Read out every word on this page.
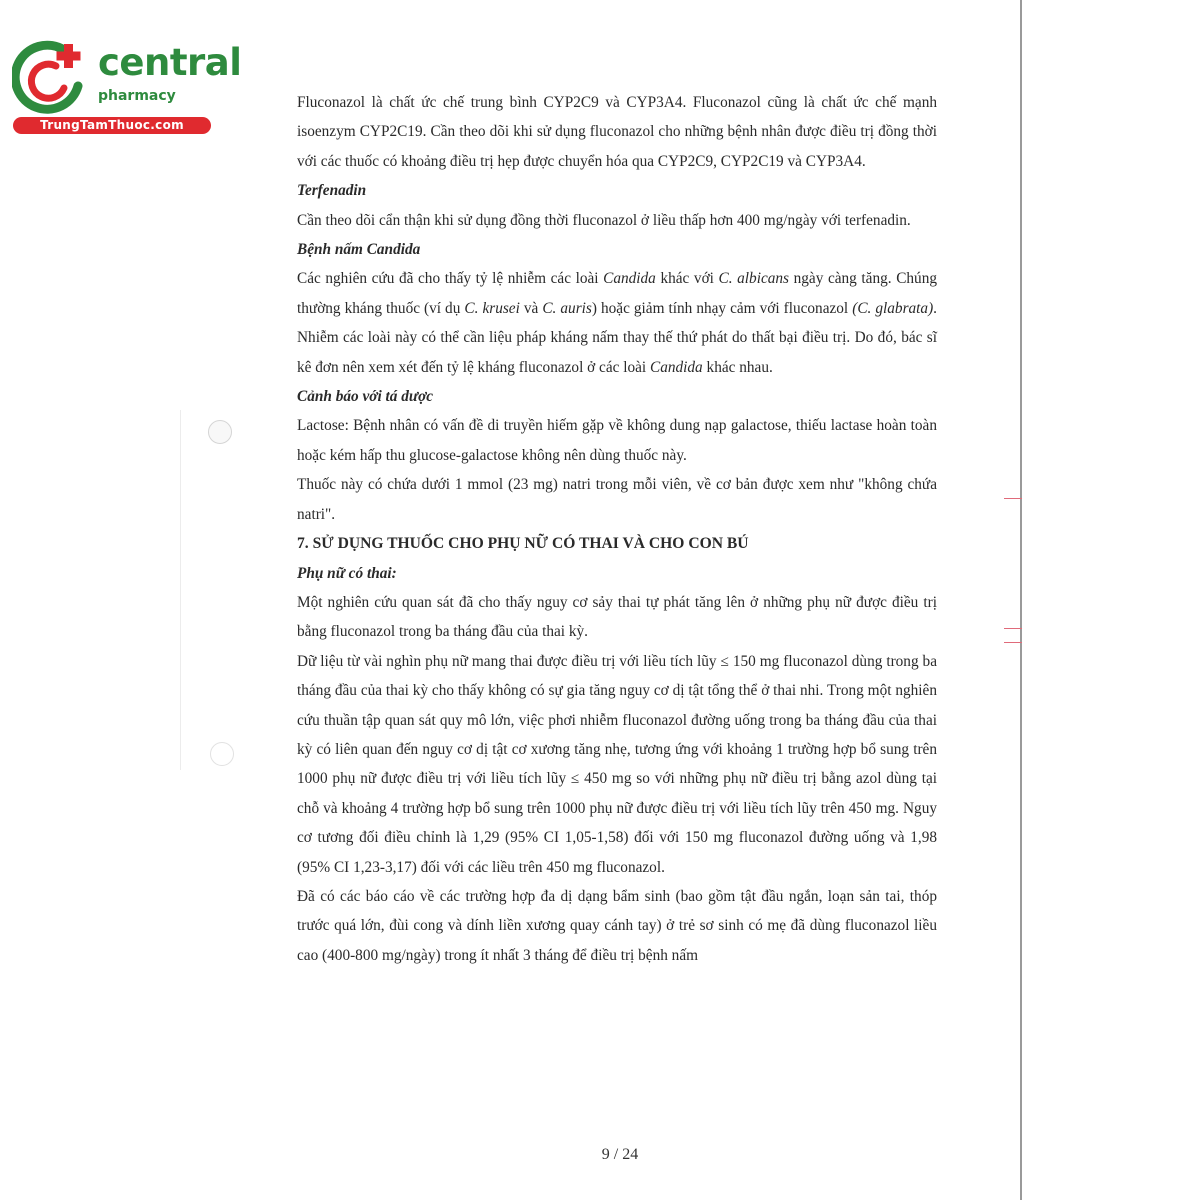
central
pharmacy
TrungTamThuoc.com

Fluconazol là chất ức chế trung bình CYP2C9 và CYP3A4. Fluconazol cũng là chất ức chế mạnh isoenzym CYP2C19. Cần theo dõi khi sử dụng fluconazol cho những bệnh nhân được điều trị đồng thời với các thuốc có khoảng điều trị hẹp được chuyển hóa qua CYP2C9, CYP2C19 và CYP3A4.

Terfenadin

Cần theo dõi cẩn thận khi sử dụng đồng thời fluconazol ở liều thấp hơn 400 mg/ngày với terfenadin.

Bệnh nấm Candida

Các nghiên cứu đã cho thấy tỷ lệ nhiễm các loài Candida khác với C. albicans ngày càng tăng. Chúng thường kháng thuốc (ví dụ C. krusei và C. auris) hoặc giảm tính nhạy cảm với fluconazol (C. glabrata). Nhiễm các loài này có thể cần liệu pháp kháng nấm thay thế thứ phát do thất bại điều trị. Do đó, bác sĩ kê đơn nên xem xét đến tỷ lệ kháng fluconazol ở các loài Candida khác nhau.

Cảnh báo với tá dược

Lactose: Bệnh nhân có vấn đề di truyền hiếm gặp về không dung nạp galactose, thiếu lactase hoàn toàn hoặc kém hấp thu glucose-galactose không nên dùng thuốc này.

Thuốc này có chứa dưới 1 mmol (23 mg) natri trong mỗi viên, về cơ bản được xem như "không chứa natri".

7. SỬ DỤNG THUỐC CHO PHỤ NỮ CÓ THAI VÀ CHO CON BÚ

Phụ nữ có thai:

Một nghiên cứu quan sát đã cho thấy nguy cơ sảy thai tự phát tăng lên ở những phụ nữ được điều trị bằng fluconazol trong ba tháng đầu của thai kỳ.

Dữ liệu từ vài nghìn phụ nữ mang thai được điều trị với liều tích lũy ≤ 150 mg fluconazol dùng trong ba tháng đầu của thai kỳ cho thấy không có sự gia tăng nguy cơ dị tật tổng thể ở thai nhi. Trong một nghiên cứu thuần tập quan sát quy mô lớn, việc phơi nhiễm fluconazol đường uống trong ba tháng đầu của thai kỳ có liên quan đến nguy cơ dị tật cơ xương tăng nhẹ, tương ứng với khoảng 1 trường hợp bổ sung trên 1000 phụ nữ được điều trị với liều tích lũy ≤ 450 mg so với những phụ nữ điều trị bằng azol dùng tại chỗ và khoảng 4 trường hợp bổ sung trên 1000 phụ nữ được điều trị với liều tích lũy trên 450 mg. Nguy cơ tương đối điều chỉnh là 1,29 (95% CI 1,05-1,58) đối với 150 mg fluconazol đường uống và 1,98 (95% CI 1,23-3,17) đối với các liều trên 450 mg fluconazol.

Đã có các báo cáo về các trường hợp đa dị dạng bẩm sinh (bao gồm tật đầu ngắn, loạn sản tai, thóp trước quá lớn, đùi cong và dính liền xương quay cánh tay) ở trẻ sơ sinh có mẹ đã dùng fluconazol liều cao (400-800 mg/ngày) trong ít nhất 3 tháng để điều trị bệnh nấm

9 / 24
